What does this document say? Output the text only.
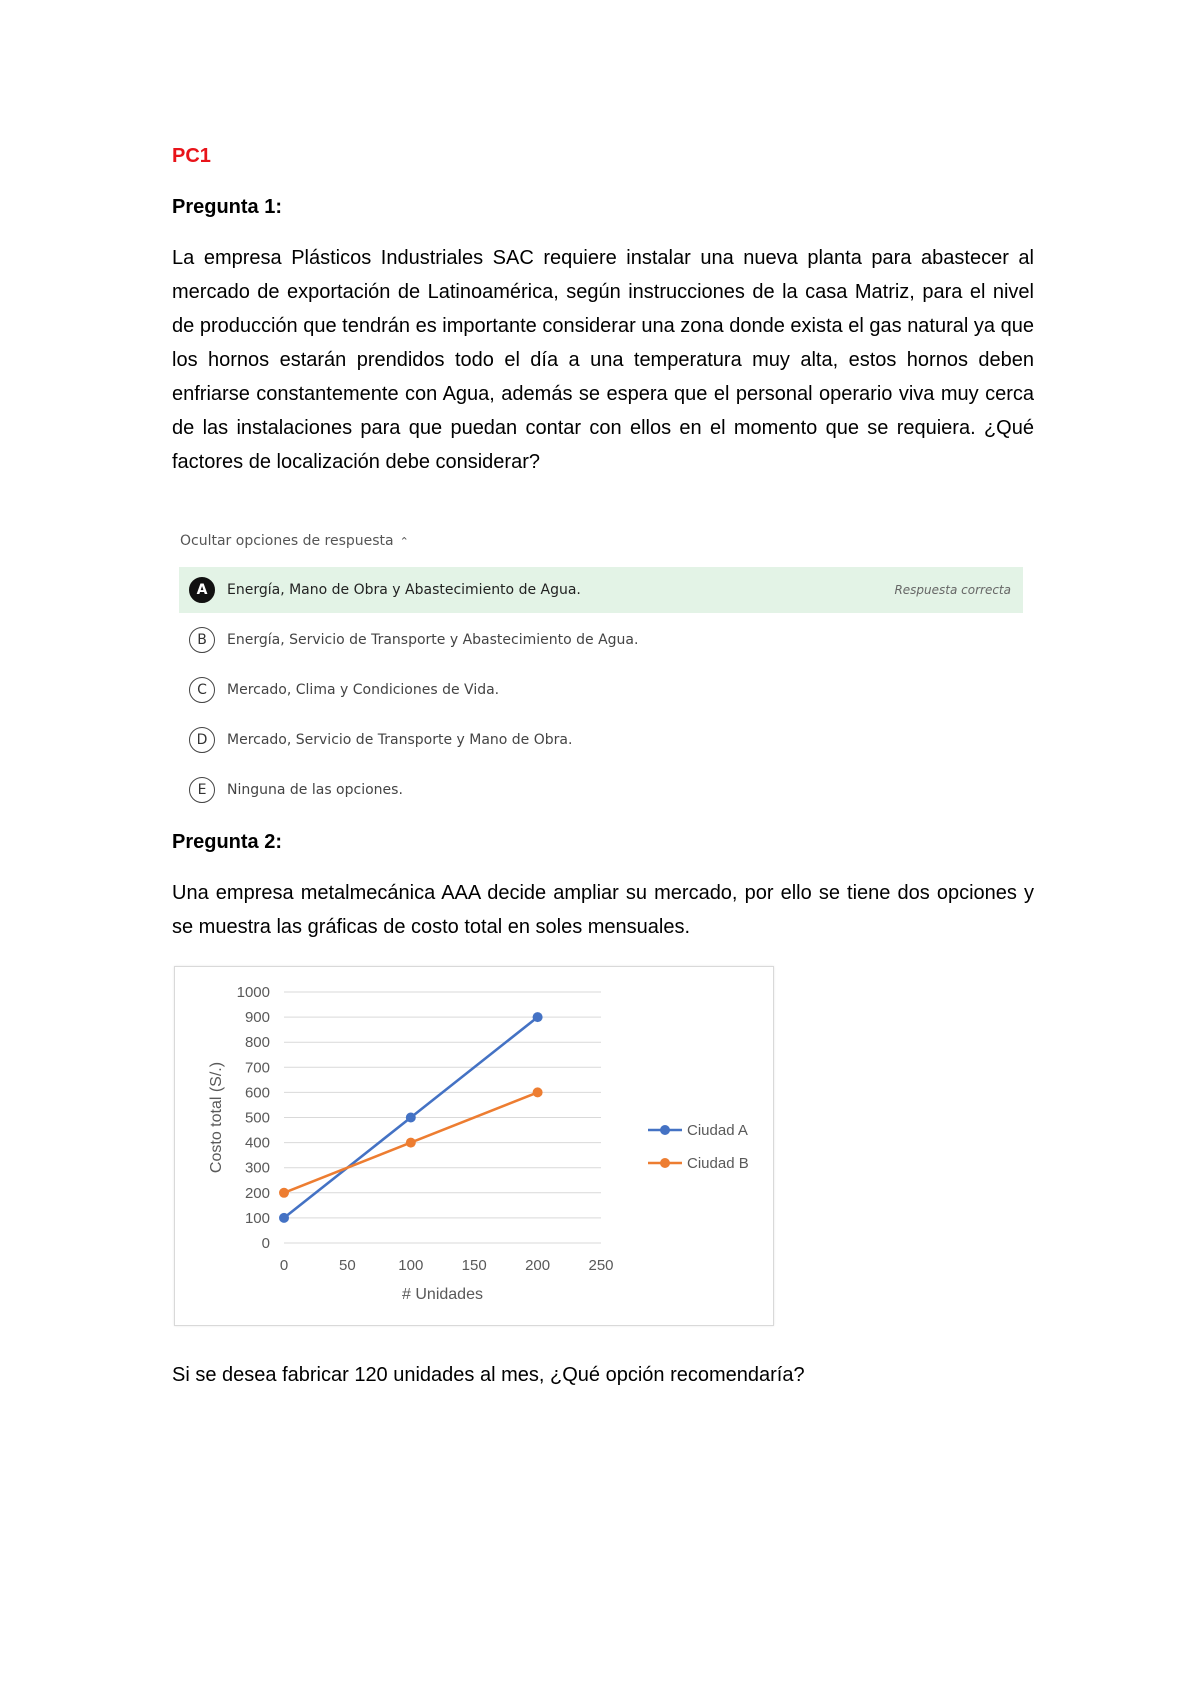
PC1
Pregunta 1:
La empresa Plásticos Industriales SAC requiere instalar una nueva planta para abastecer al mercado de exportación de Latinoamérica, según instrucciones de la casa Matriz, para el nivel de producción que tendrán es importante considerar una zona donde exista el gas natural ya que los hornos estarán prendidos todo el día a una temperatura muy alta, estos hornos deben enfriarse constantemente con Agua, además se espera que el personal operario viva muy cerca de las instalaciones para que puedan contar con ellos en el momento que se requiera. ¿Qué factores de localización debe considerar?
Ocultar opciones de respuesta ⌃
A	Energía, Mano de Obra y Abastecimiento de Agua.	Respuesta correcta
B	Energía, Servicio de Transporte y Abastecimiento de Agua.
C	Mercado, Clima y Condiciones de Vida.
D	Mercado, Servicio de Transporte y Mano de Obra.
E	Ninguna de las opciones.
Pregunta 2:
Una empresa metalmecánica AAA decide ampliar su mercado, por ello se tiene dos opciones y se muestra las gráficas de costo total en soles mensuales.
0
100
200
300
400
500
600
700
800
900
1000
0	50	100	150	200	250
# Unidades
Costo total (S/.)	Ciudad A
Ciudad B
Si se desea fabricar 120 unidades al mes, ¿Qué opción recomendaría?
